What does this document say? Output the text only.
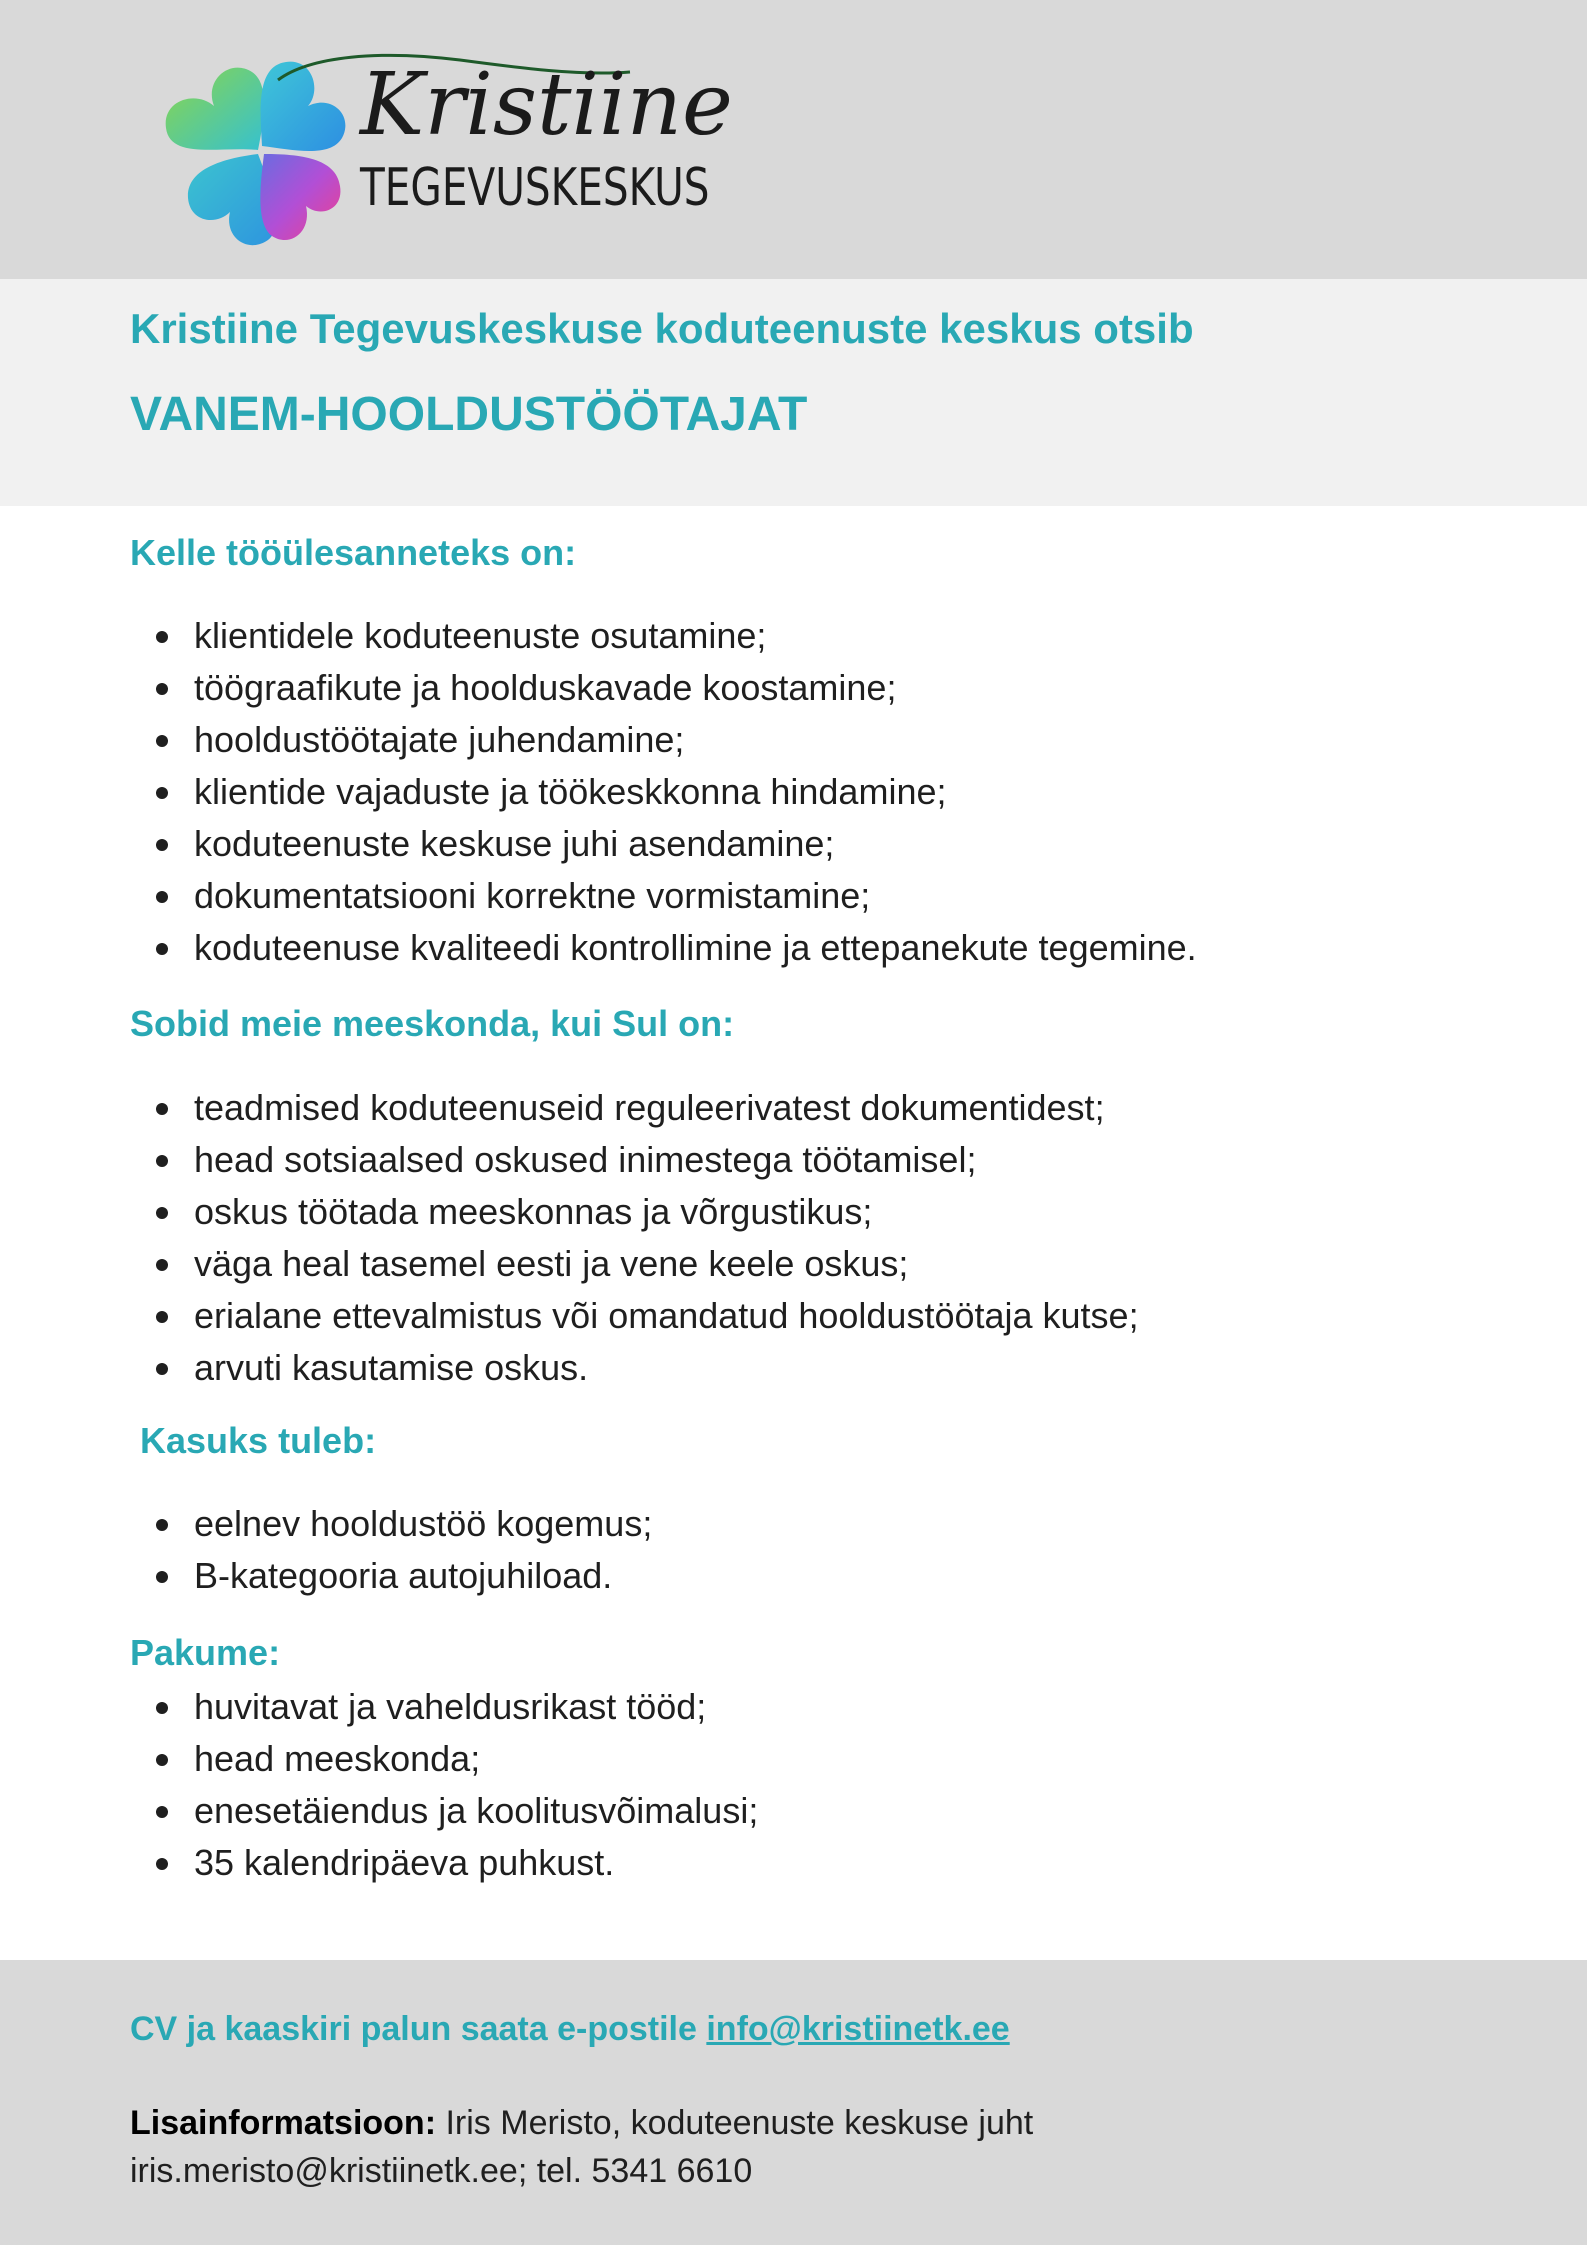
Kristiine
TEGEVUSKESKUS
Kristiine Tegevuskeskuse koduteenuste keskus otsib
VANEM-HOOLDUSTÖÖTAJAT
Kelle tööülesanneteks on:
klientidele koduteenuste osutamine;
töögraafikute ja hoolduskavade koostamine;
hooldustöötajate juhendamine;
klientide vajaduste ja töökeskkonna hindamine;
koduteenuste keskuse juhi asendamine;
dokumentatsiooni korrektne vormistamine;
koduteenuse kvaliteedi kontrollimine ja ettepanekute tegemine.
Sobid meie meeskonda, kui Sul on:
teadmised koduteenuseid reguleerivatest dokumentidest;
head sotsiaalsed oskused inimestega töötamisel;
oskus töötada meeskonnas ja võrgustikus;
väga heal tasemel eesti ja vene keele oskus;
erialane ettevalmistus või omandatud hooldustöötaja kutse;
arvuti kasutamise oskus.
Kasuks tuleb:
eelnev hooldustöö kogemus;
B-kategooria autojuhiload.
Pakume:
huvitavat ja vaheldusrikast tööd;
head meeskonda;
enesetäiendus ja koolitusvõimalusi;
35 kalendripäeva puhkust.
CV ja kaaskiri palun saata e-postile info@kristiinetk.ee
Lisainformatsioon: Iris Meristo, koduteenuste keskuse juht
iris.meristo@kristiinetk.ee; tel. 5341 6610
